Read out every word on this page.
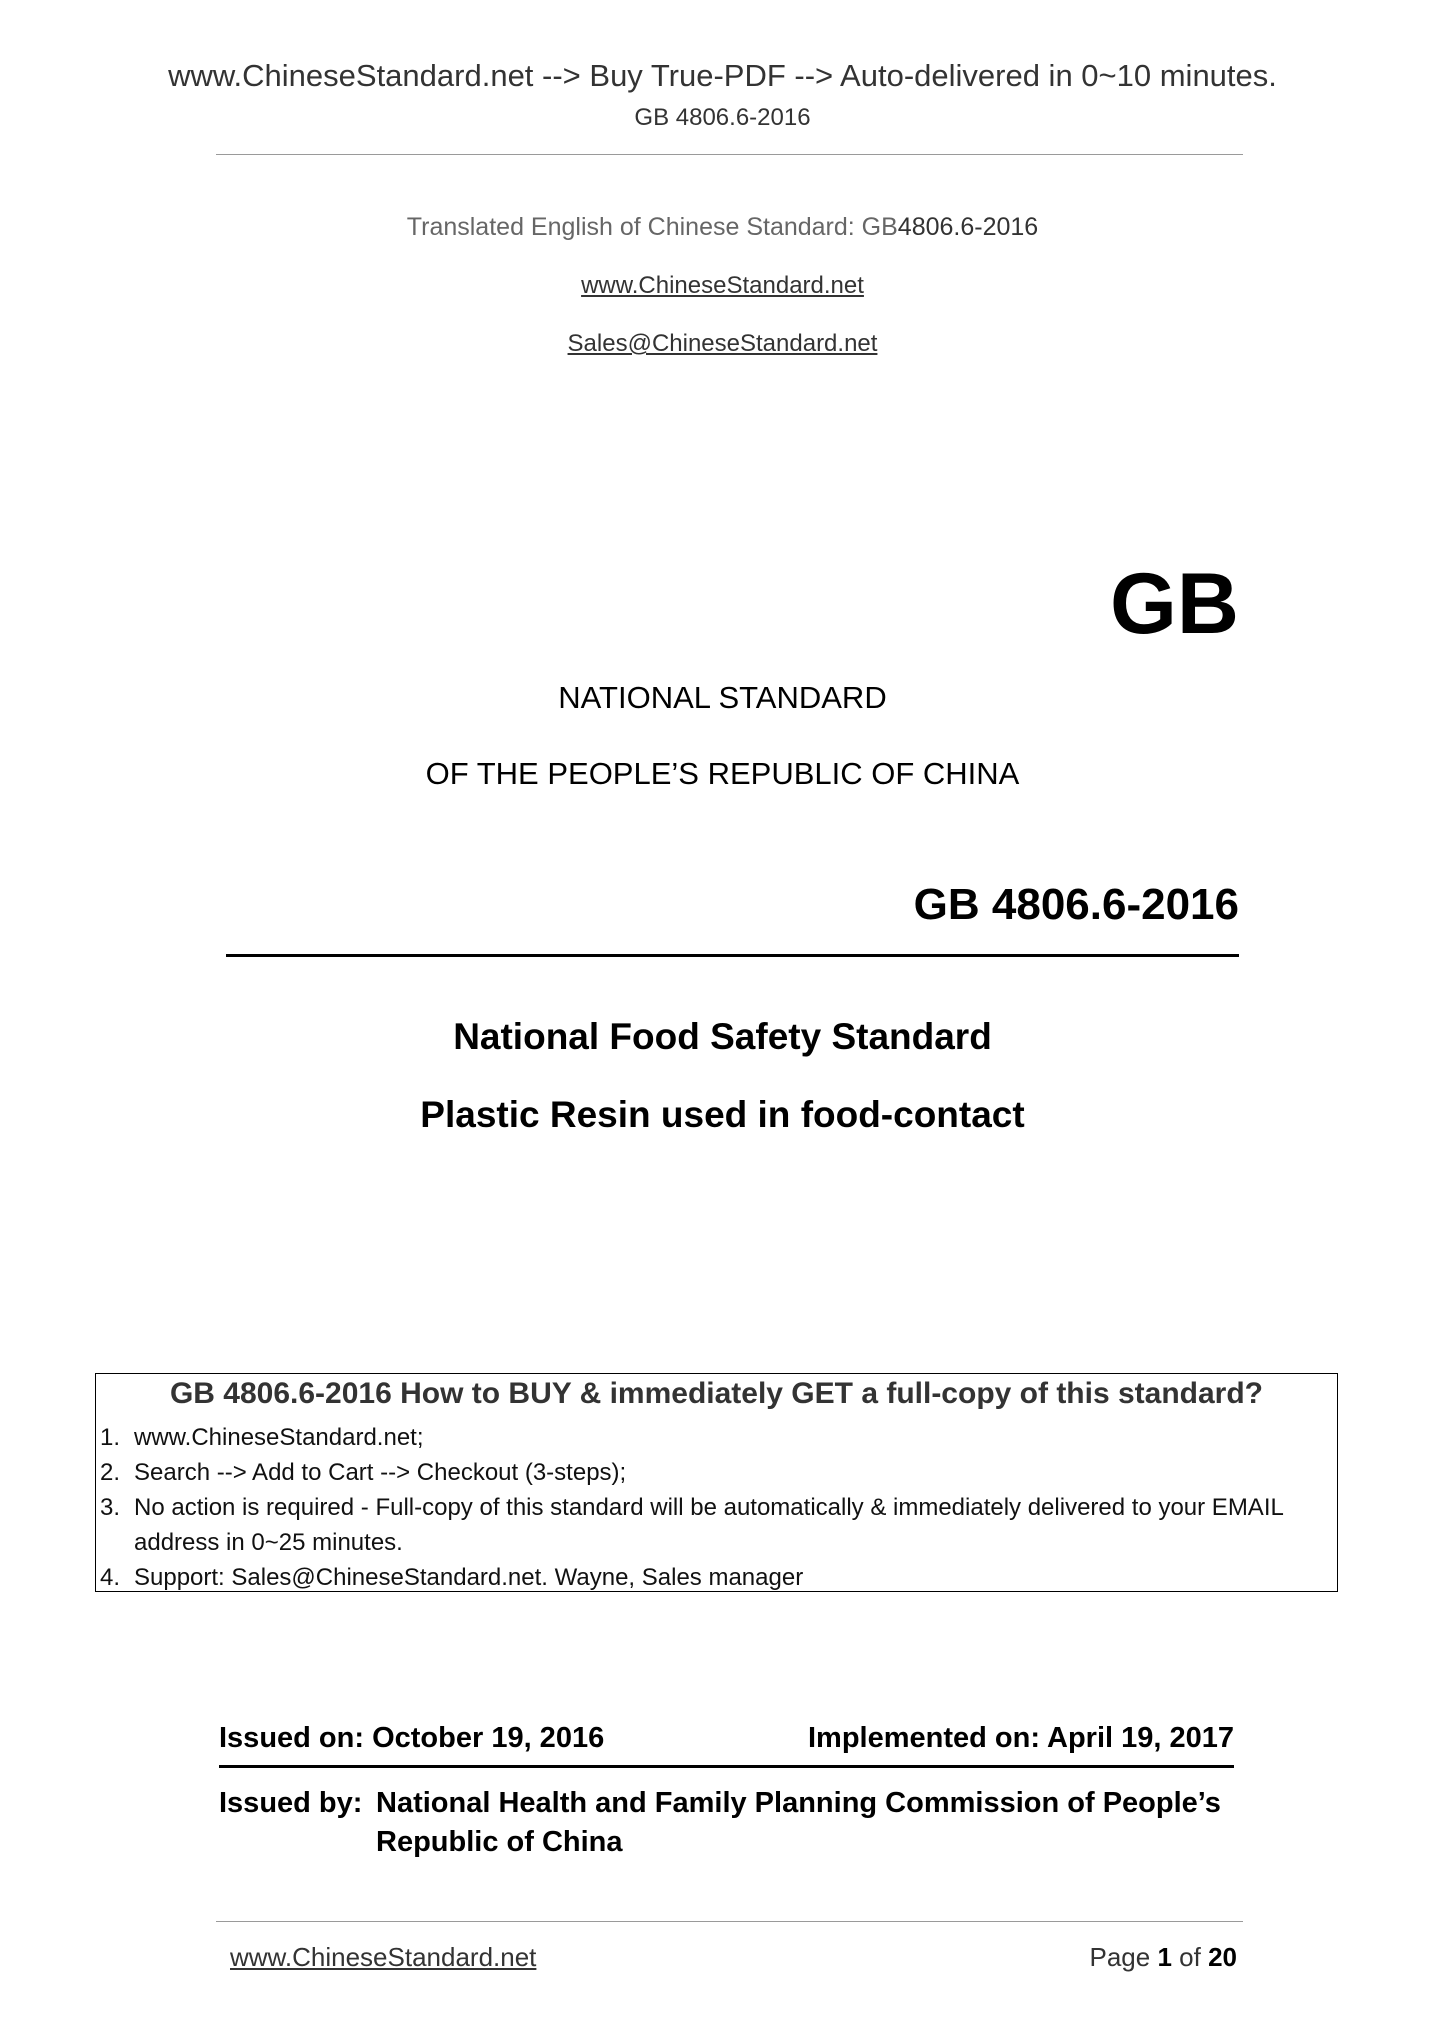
www.ChineseStandard.net --> Buy True-PDF --> Auto-delivered in 0~10 minutes.
GB 4806.6-2016
Translated English of Chinese Standard: GB4806.6-2016
www.ChineseStandard.net
Sales@ChineseStandard.net
GB
NATIONAL STANDARD
OF THE PEOPLE’S REPUBLIC OF CHINA
GB 4806.6-2016
National Food Safety Standard
Plastic Resin used in food-contact
GB 4806.6-2016 How to BUY & immediately GET a full-copy of this standard?
1. www.ChineseStandard.net;
2. Search --> Add to Cart --> Checkout (3-steps);
3. No action is required - Full-copy of this standard will be automatically & immediately delivered to your EMAIL address in 0~25 minutes.
4. Support: Sales@ChineseStandard.net. Wayne, Sales manager
Issued on: October 19, 2016	Implemented on: April 19, 2017
Issued by: National Health and Family Planning Commission of People’s Republic of China
www.ChineseStandard.net	Page 1 of 20
